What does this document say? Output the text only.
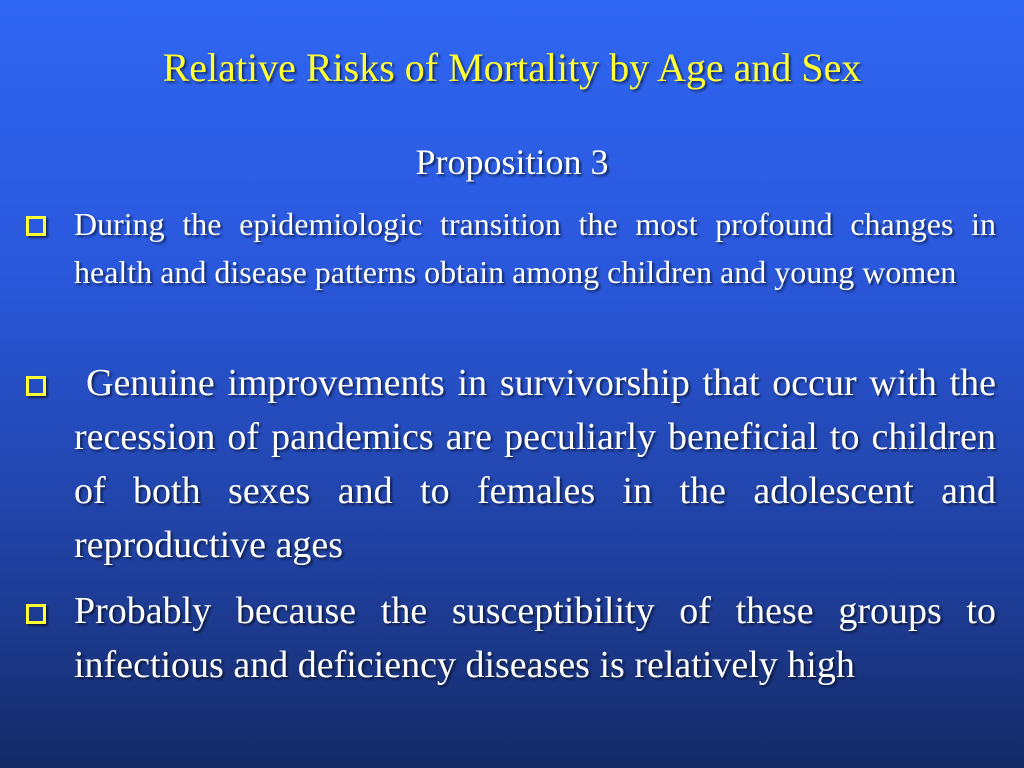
Relative Risks of Mortality by Age and Sex
Proposition 3
During the epidemiologic transition the most profound changes in health and disease patterns obtain among children and young women
Genuine improvements in survivorship that occur with the recession of pandemics are peculiarly beneficial to children of both sexes and to females in the adolescent and reproductive ages
Probably because the susceptibility of these groups to infectious and deficiency diseases is relatively high
